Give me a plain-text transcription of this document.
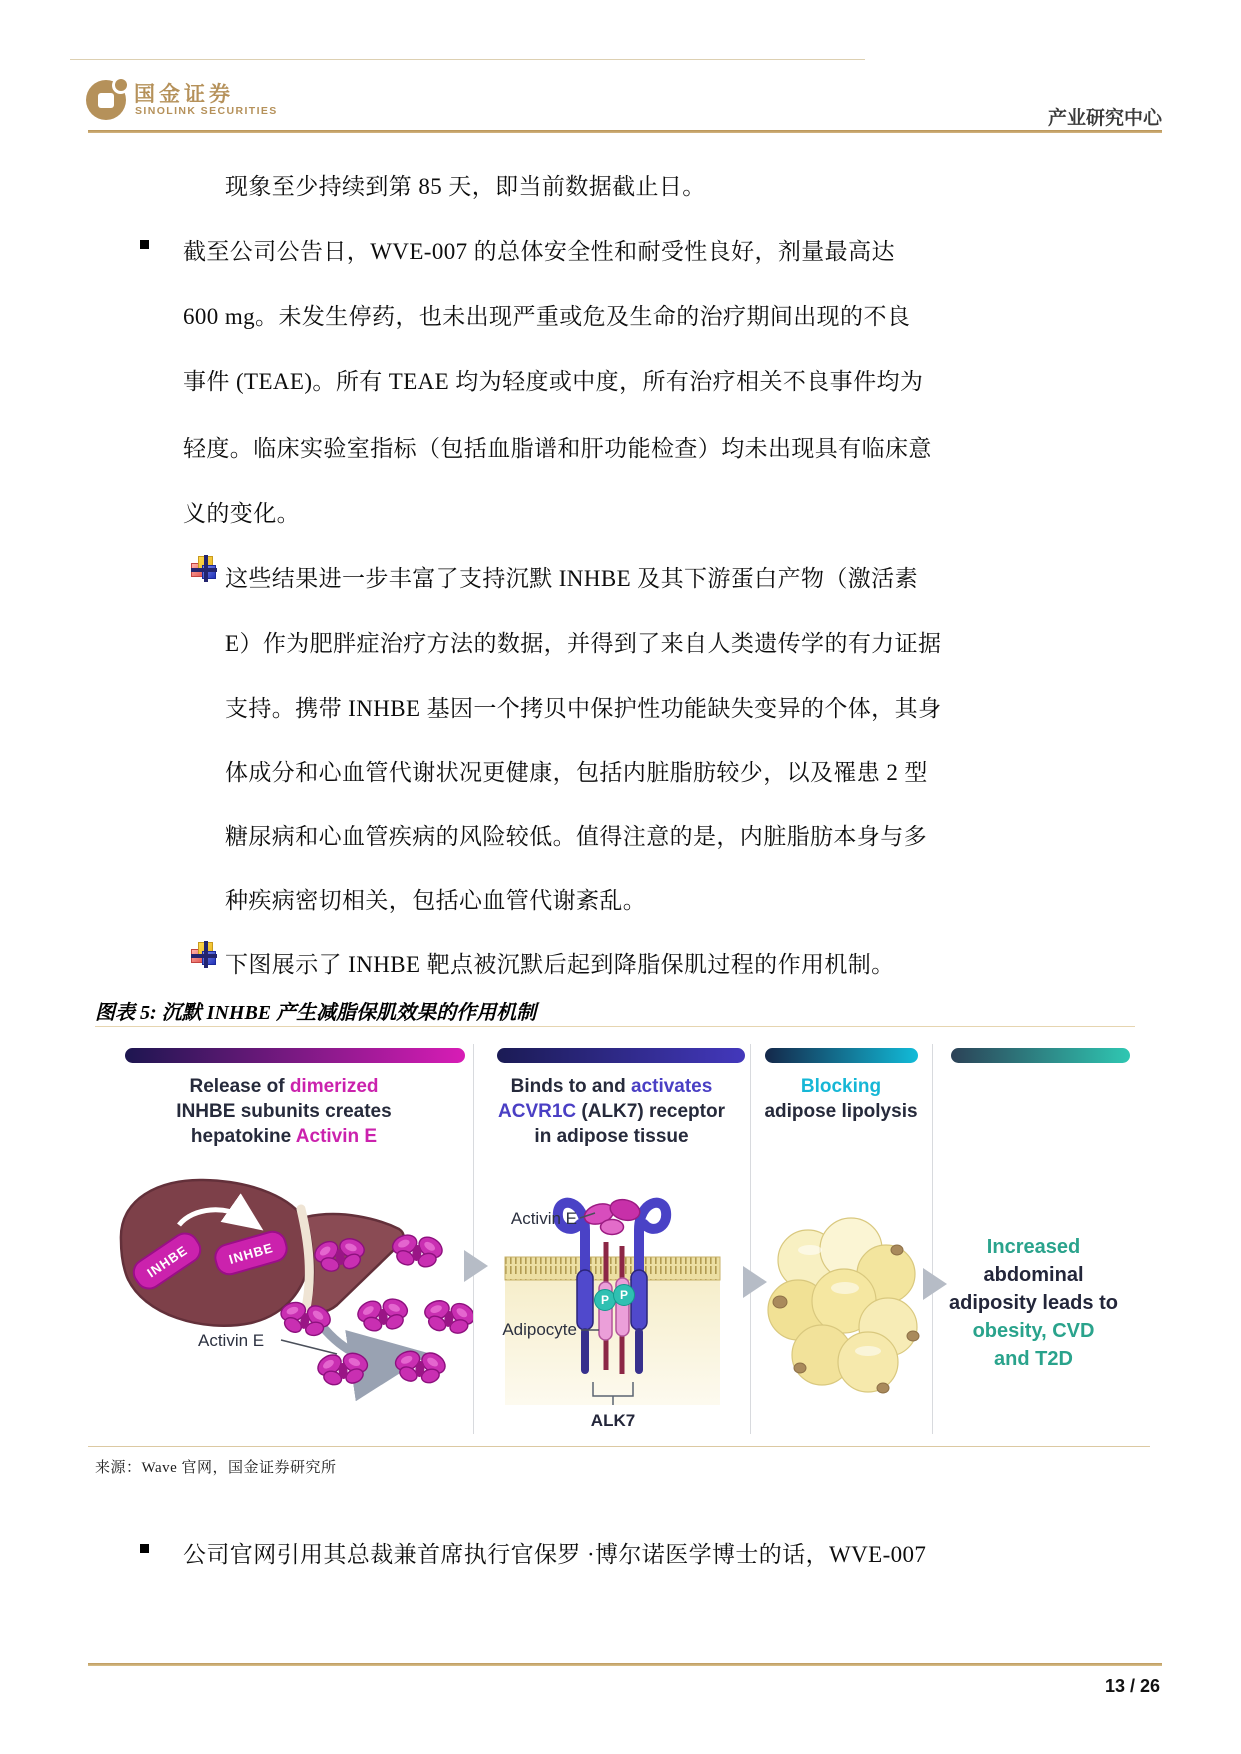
国金证券
SINOLINK SECURITIES	产业研究中心
现象至少持续到第 85 天，即当前数据截止日。
截至公司公告日，WVE-007 的总体安全性和耐受性良好，剂量最高达
600 mg。未发生停药，也未出现严重或危及生命的治疗期间出现的不良
事件 (TEAE)。所有 TEAE 均为轻度或中度，所有治疗相关不良事件均为
轻度。临床实验室指标（包括血脂谱和肝功能检查）均未出现具有临床意
义的变化。
这些结果进一步丰富了支持沉默 INHBE 及其下游蛋白产物（激活素
E）作为肥胖症治疗方法的数据，并得到了来自人类遗传学的有力证据
支持。携带 INHBE 基因一个拷贝中保护性功能缺失变异的个体，其身
体成分和心血管代谢状况更健康，包括内脏脂肪较少，以及罹患 2 型
糖尿病和心血管疾病的风险较低。值得注意的是，内脏脂肪本身与多
种疾病密切相关，包括心血管代谢紊乱。
下图展示了 INHBE 靶点被沉默后起到降脂保肌过程的作用机制。
图表 5: 沉默 INHBE 产生减脂保肌效果的作用机制
Release of dimerized
INHBE subunits creates
hepatokine Activin E
INHBE	INHBE
Activin E
Binds to and activates
ACVR1C (ALK7) receptor
in adipose tissue
P P
Activin E
Adipocyte
ALK7
Blocking
adipose lipolysis
Increased
abdominal
adiposity leads to
obesity, CVD
and T2D
来源：Wave 官网，国金证券研究所
公司官网引用其总裁兼首席执行官保罗 ·博尔诺医学博士的话，WVE-007
13 / 26
